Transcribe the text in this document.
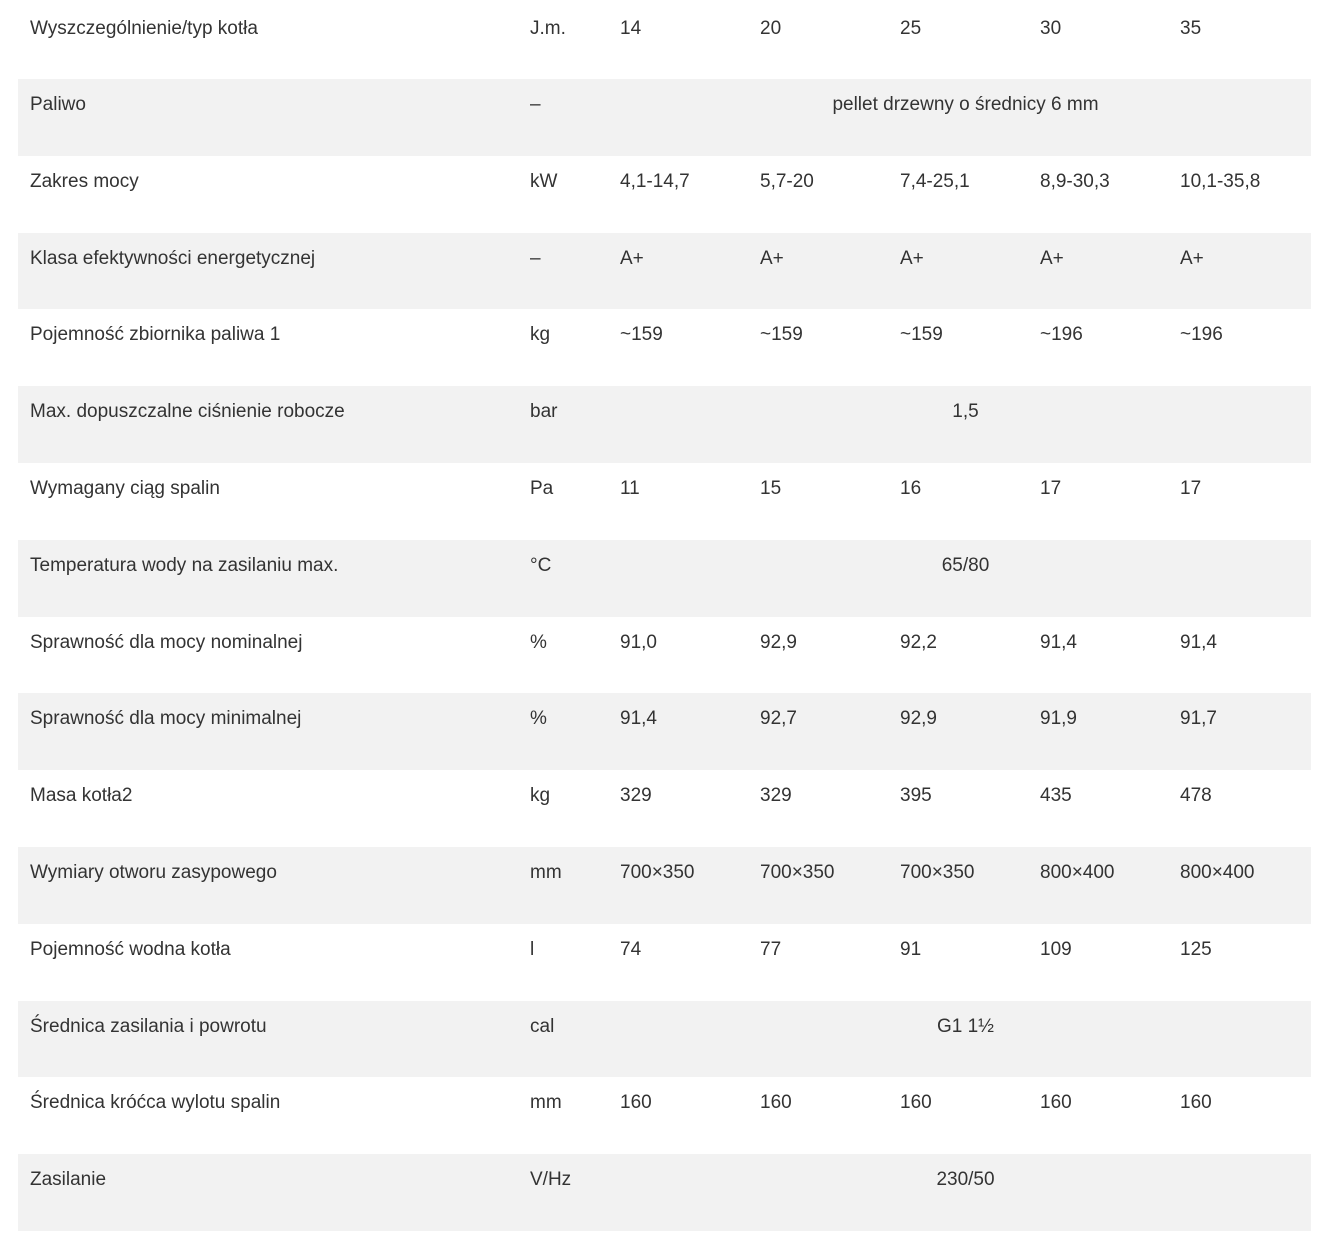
Wyszczególnienie/typ kotła	J.m.	14	20	25	30	35
Paliwo	–	pellet drzewny o średnicy 6 mm				
Zakres mocy	kW	4,1-14,7	5,7-20	7,4-25,1	8,9-30,3	10,1-35,8
Klasa efektywności energetycznej	–	A+	A+	A+	A+	A+
Pojemność zbiornika paliwa 1	kg	~159	~159	~159	~196	~196
Max. dopuszczalne ciśnienie robocze	bar	1,5				
Wymagany ciąg spalin	Pa	11	15	16	17	17
Temperatura wody na zasilaniu max.	°C	65/80				
Sprawność dla mocy nominalnej	%	91,0	92,9	92,2	91,4	91,4
Sprawność dla mocy minimalnej	%	91,4	92,7	92,9	91,9	91,7
Masa kotła2	kg	329	329	395	435	478
Wymiary otworu zasypowego	mm	700×350	700×350	700×350	800×400	800×400
Pojemność wodna kotła	l	74	77	91	109	125
Średnica zasilania i powrotu	cal	G1 1½				
Średnica króćca wylotu spalin	mm	160	160	160	160	160
Zasilanie	V/Hz	230/50				
